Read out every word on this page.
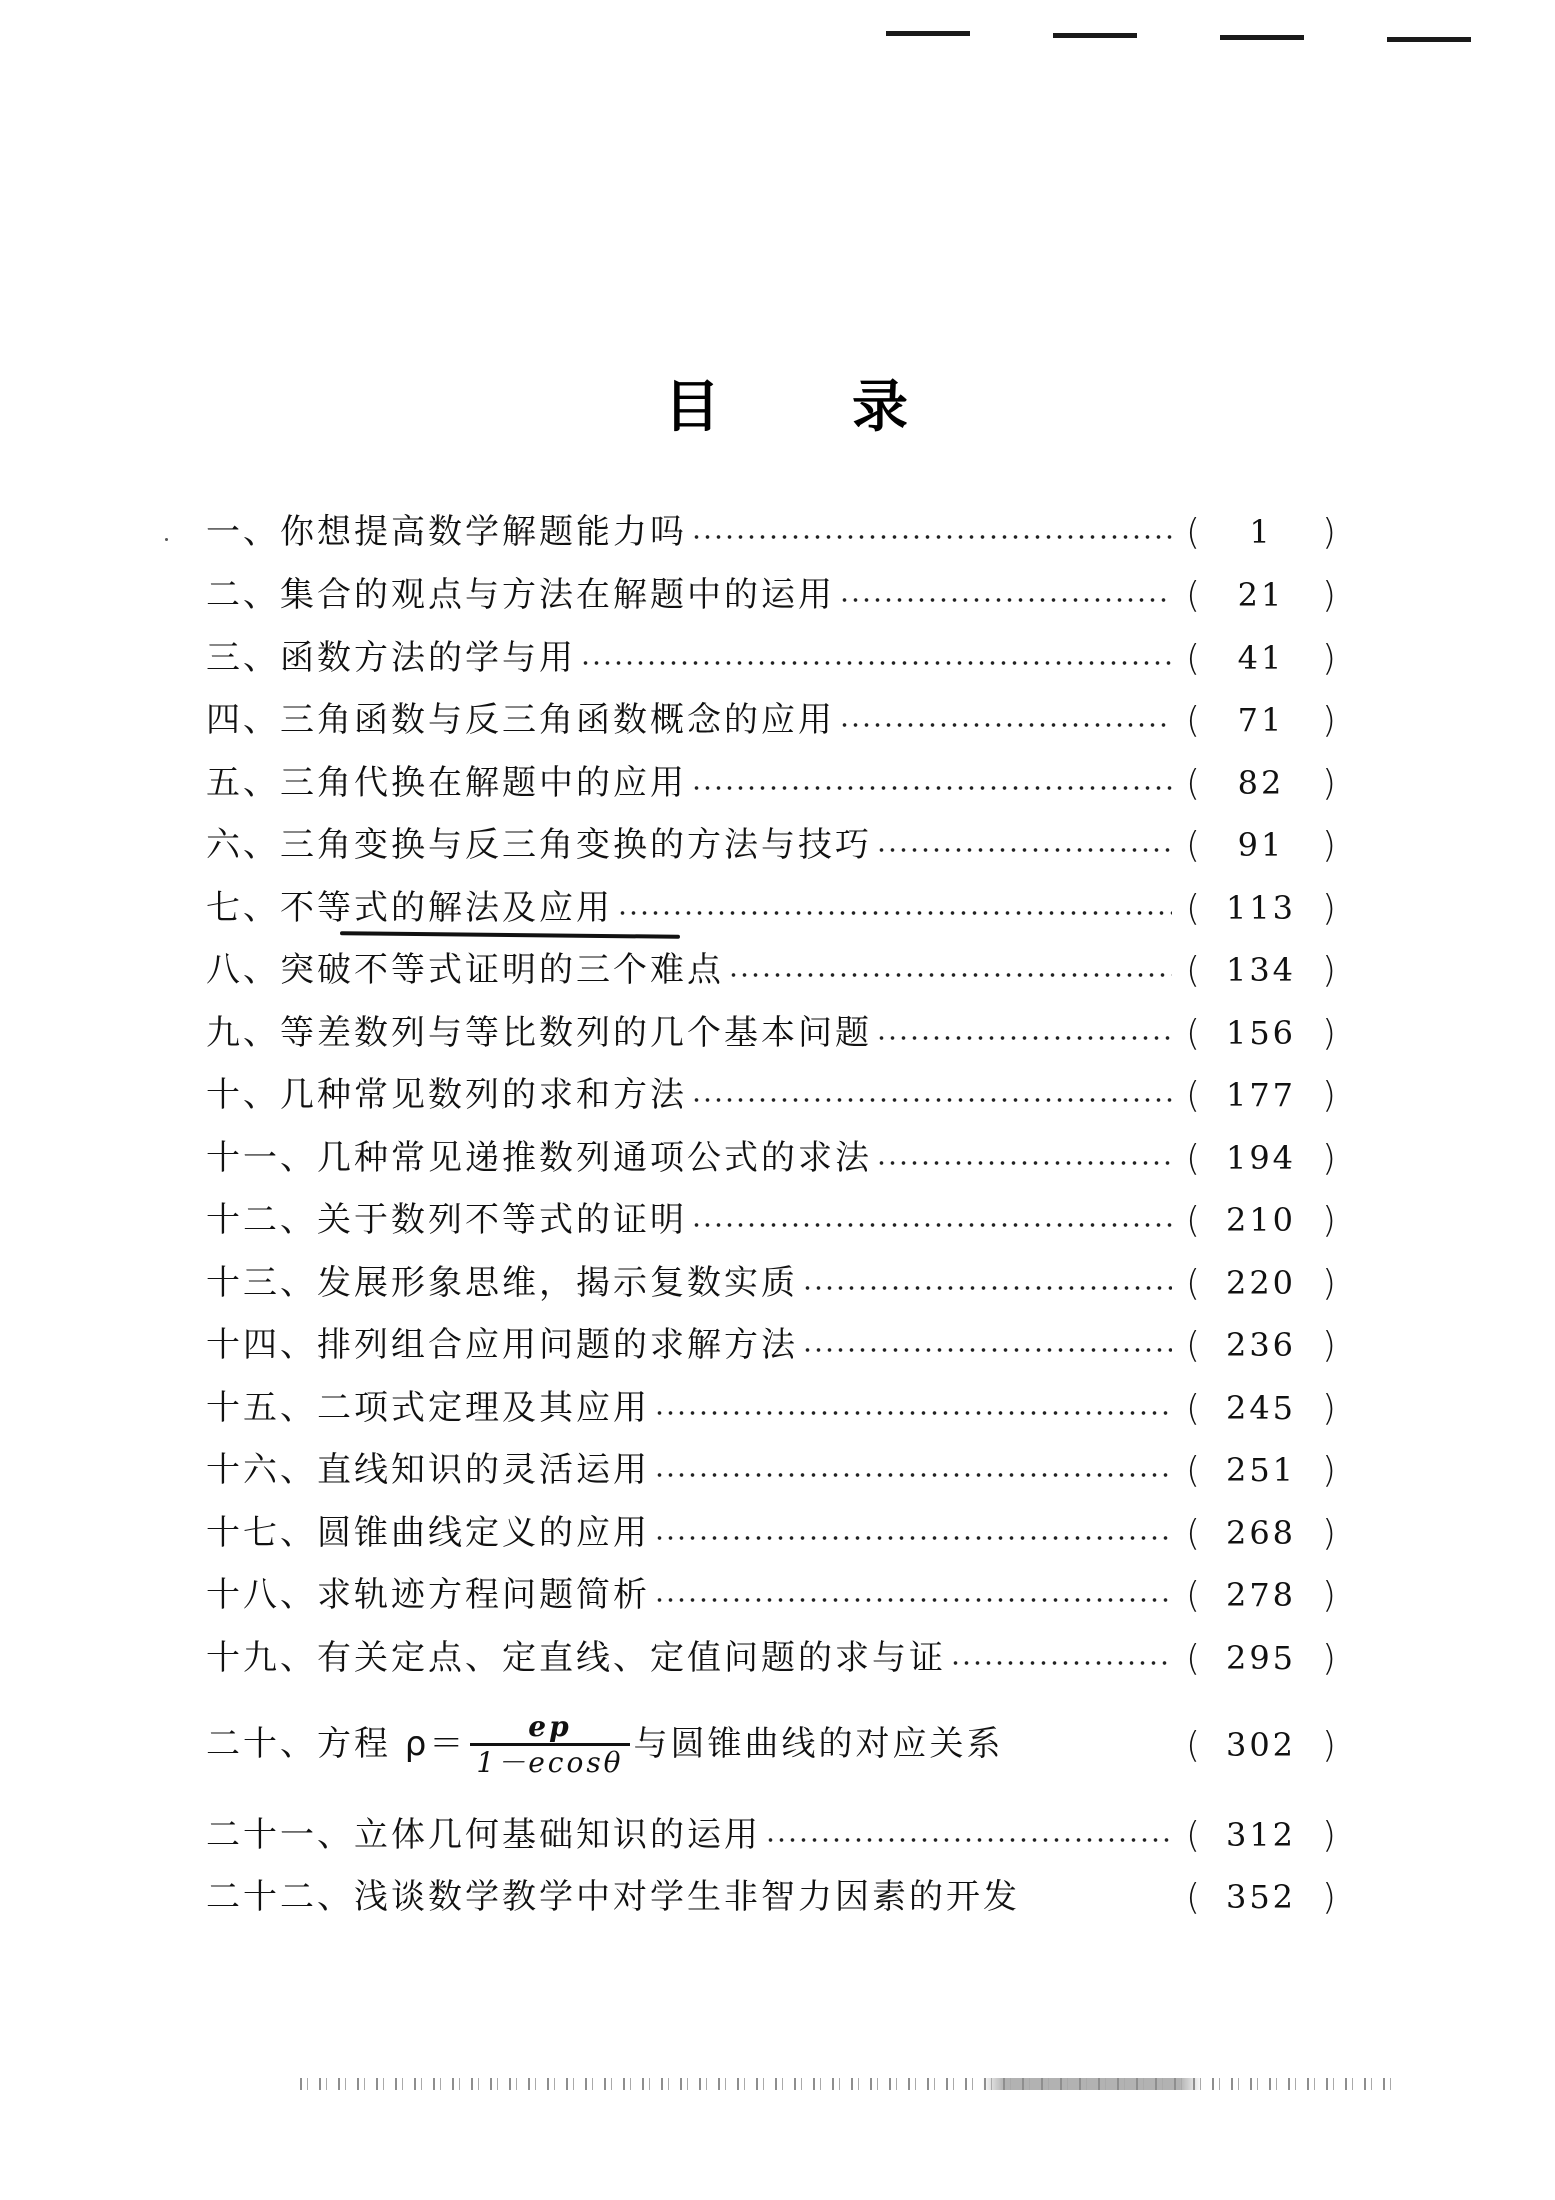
目 录
一、你想提高数学解题能力吗	(	1	)
二、集合的观点与方法在解题中的运用	(	21	)
三、函数方法的学与用	(	41	)
四、三角函数与反三角函数概念的应用	(	71	)
五、三角代换在解题中的应用	(	82	)
六、三角变换与反三角变换的方法与技巧	(	91	)
七、不等式的解法及应用	( 113 )
八、突破不等式证明的三个难点	( 134 )
九、等差数列与等比数列的几个基本问题	( 156 )
十、几种常见数列的求和方法	( 177 )
十一、几种常见递推数列通项公式的求法	( 194 )
十二、关于数列不等式的证明	( 210 )
十三、发展形象思维，揭示复数实质	( 220 )
十四、排列组合应用问题的求解方法	( 236 )
十五、二项式定理及其应用	( 245 )
十六、直线知识的灵活运用	( 251 )
十七、圆锥曲线定义的应用	( 268 )
十八、求轨迹方程问题简析	( 278 )
十九、有关定点、定直线、定值问题的求与证	( 295 )
二十、方程 $\rho= \frac{ep}{1-ecos\theta}$ 与圆锥曲线的对应关系	( 302 )
二十一、立体几何基础知识的运用	( 312 )
二十二、浅谈数学教学中对学生非智力因素的开发	( 352 )
